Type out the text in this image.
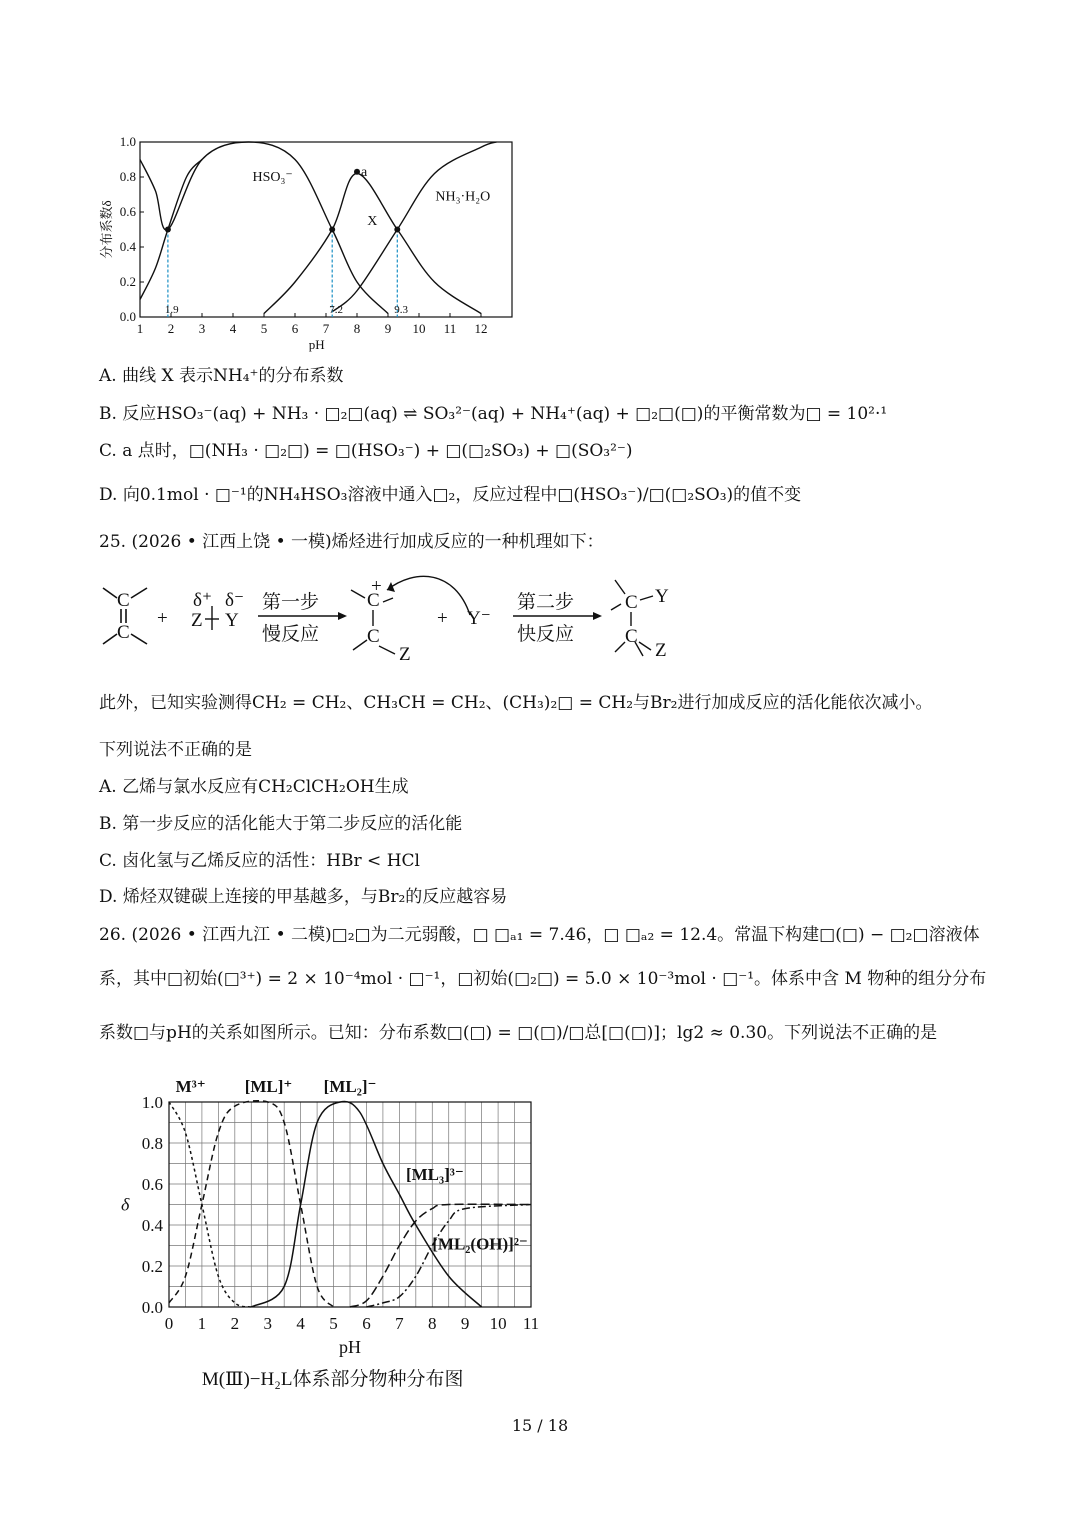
1 2 3 4 5 6 7 8 9 10 11 12
0.0
0.2
0.4
0.6
0.8
1.0
pH
分布系数δ
HSO₃⁻	a
X
NH₃·H₂O
1.9	7.2	9.3
A. 曲线 X 表示NH₄⁺的分布系数
B. 反应HSO₃⁻(aq) + NH₃ · □₂□(aq) ⇌ SO₃²⁻(aq) + NH₄⁺(aq) + □₂□(□)的平衡常数为□ = 10²·¹
C. a 点时，□(NH₃ · □₂□) = □(HSO₃⁻) + □(□₂SO₃) + □(SO₃²⁻)
D. 向0.1mol · □⁻¹的NH₄HSO₃溶液中通入□₂，反应过程中□(HSO₃⁻)/□(□₂SO₃)的值不变
25. (2026 • 江西上饶 • 一模)烯烃进行加成反应的一种机理如下：
C
C
+
δ⁺ δ⁻
Z Y
第一步
慢反应
C
+
C
Z
+ Y⁻
第二步
快反应
C
C
Y
Z
此外，已知实验测得CH₂ = CH₂、CH₃CH = CH₂、(CH₃)₂□ = CH₂与Br₂进行加成反应的活化能依次减小。
下列说法不正确的是
A. 乙烯与氯水反应有CH₂ClCH₂OH生成
B. 第一步反应的活化能大于第二步反应的活化能
C. 卤化氢与乙烯反应的活性：HBr < HCl
D. 烯烃双键碳上连接的甲基越多，与Br₂的反应越容易
26. (2026 • 江西九江 • 二模)□₂□为二元弱酸，□ □ₐ₁ = 7.46，□ □ₐ₂ = 12.4。常温下构建□(□) − □₂□溶液体
系，其中□初始(□³⁺) = 2 × 10⁻⁴mol · □⁻¹，□初始(□₂□) = 5.0 × 10⁻³mol · □⁻¹。体系中含 M 物种的组分分布
系数□与pH的关系如图所示。已知：分布系数□(□) = □(□)/□总[□(□)]；lg2 ≈ 0.30。下列说法不正确的是
0 1 2 3 4 5 6 7 8 9 10 11
0.0
0.2
0.4
0.6
0.8
1.0
pH
δ
M³⁺ [ML]⁺ [ML₂]⁻
[ML₃]³⁻
[ML₂(OH)]²⁻
M(Ⅲ)−H₂L体系部分物种分布图
15 / 18
